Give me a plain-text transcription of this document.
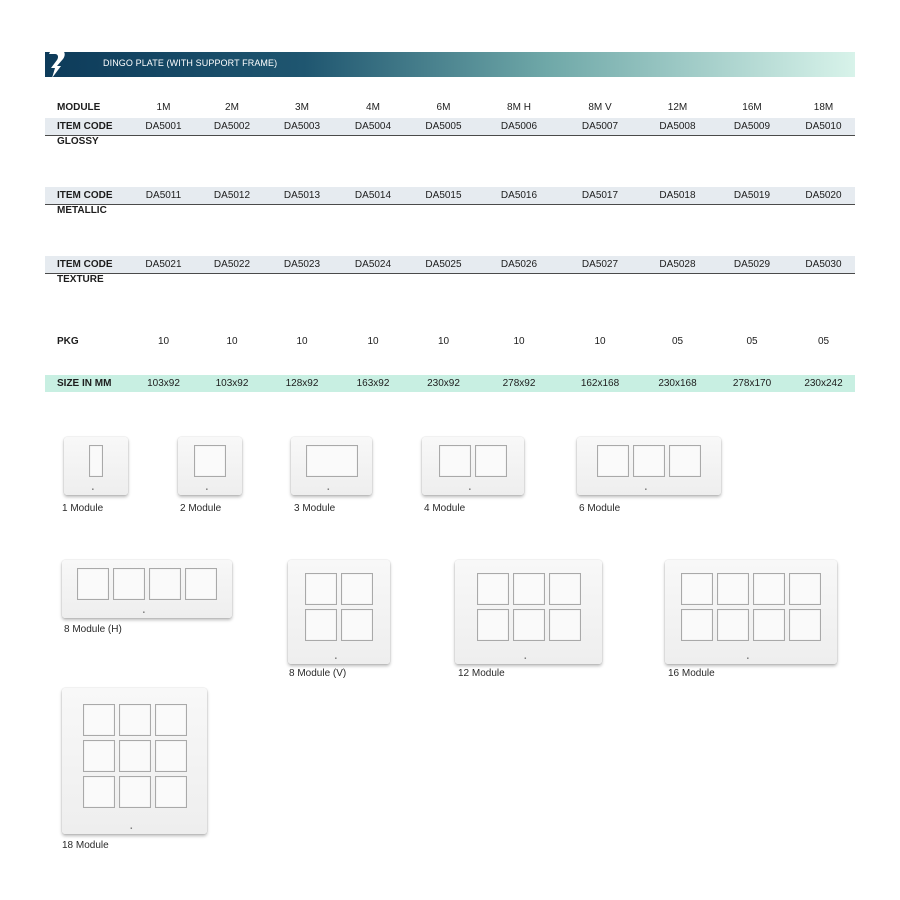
DINGO PLATE (WITH SUPPORT FRAME)
MODULE	1M	2M	3M	4M	6M	8M H	8M V	12M	16M	18M
ITEM CODE	DA5001	DA5002	DA5003	DA5004	DA5005	DA5006	DA5007	DA5008	DA5009	DA5010
GLOSSY										

ITEM CODE	DA5011	DA5012	DA5013	DA5014	DA5015	DA5016	DA5017	DA5018	DA5019	DA5020
METALLIC										

ITEM CODE	DA5021	DA5022	DA5023	DA5024	DA5025	DA5026	DA5027	DA5028	DA5029	DA5030
TEXTURE										

PKG	10	10	10	10	10	10	10	05	05	05

SIZE IN MM	103x92	103x92	128x92	163x92	230x92	278x92	162x168	230x168	278x170	230x242
■
1 Module
■
2 Module
■
3 Module
■
4 Module
■
6 Module
■
8 Module (H)
■
8 Module (V)
■
12 Module
■
16 Module
■
18 Module
